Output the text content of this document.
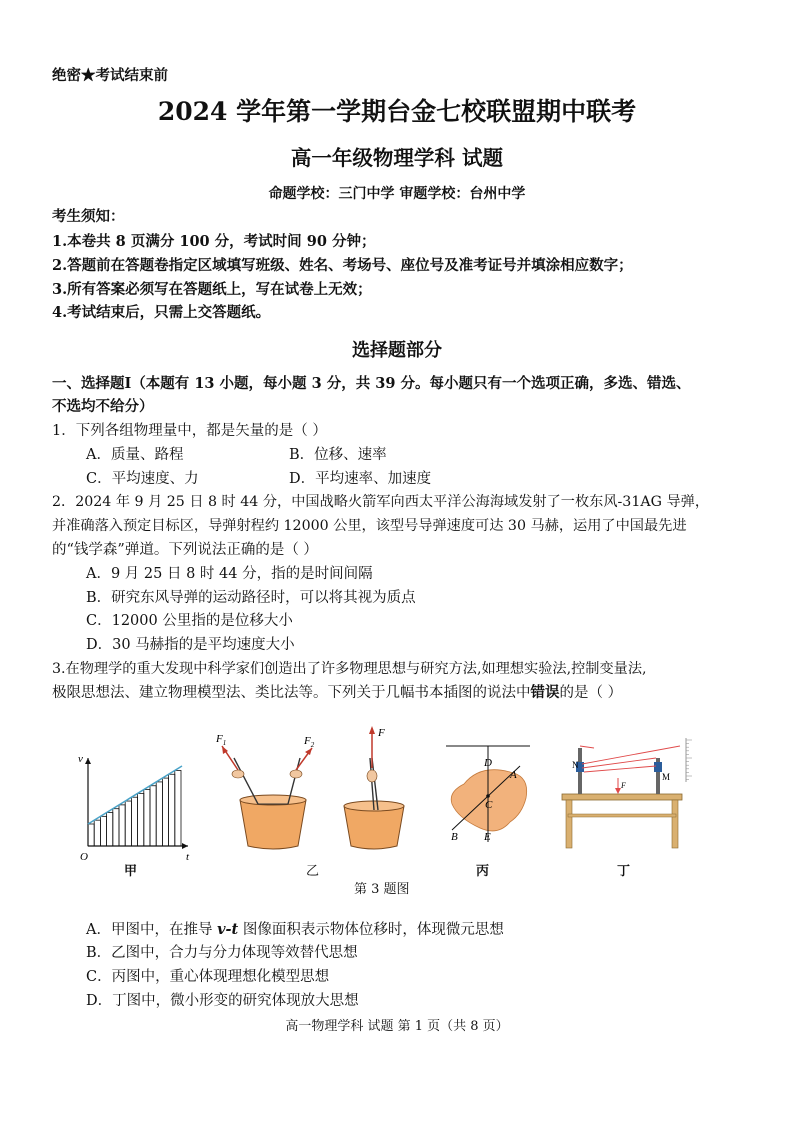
绝密★考试结束前
2024 学年第一学期台金七校联盟期中联考
高一年级物理学科 试题
命题学校：三门中学 审题学校：台州中学
考生须知：
1.本卷共 8 页满分 100 分，考试时间 90 分钟；
2.答题前在答题卷指定区域填写班级、姓名、考场号、座位号及准考证号并填涂相应数字；
3.所有答案必须写在答题纸上，写在试卷上无效；
4.考试结束后，只需上交答题纸。
选择题部分
一、选择题Ⅰ（本题有 13 小题，每小题 3 分，共 39 分。每小题只有一个选项正确，多选、错选、
不选均不给分）
1．下列各组物理量中，都是矢量的是（ ）
A．质量、路程	B．位移、速率
C．平均速度、力	D．平均速率、加速度
2．2024 年 9 月 25 日 8 时 44 分，中国战略火箭军向西太平洋公海海域发射了一枚东风-31AG 导弹，
并准确落入预定目标区，导弹射程约 12000 公里，该型号导弹速度可达 30 马赫，运用了中国最先进
的“钱学森”弹道。下列说法正确的是（ ）
A．9 月 25 日 8 时 44 分，指的是时间间隔
B．研究东风导弹的运动路径时，可以将其视为质点
C．12000 公里指的是位移大小
D．30 马赫指的是平均速度大小
3.在物理学的重大发现中科学家们创造出了许多物理思想与研究方法,如理想实验法,控制变量法,
极限思想法、建立物理模型法、类比法等。下列关于几幅书本插图的说法中错误的是（ ）
v
O	t
$F_1$	$F_2$
F
D
A
C
B E
N
M
F
甲	乙	丙	丁
第 3 题图
A．甲图中，在推导 v-t 图像面积表示物体位移时，体现微元思想
B．乙图中，合力与分力体现等效替代思想
C．丙图中，重心体现理想化模型思想
D．丁图中，微小形变的研究体现放大思想
高一物理学科 试题 第 1 页（共 8 页）
